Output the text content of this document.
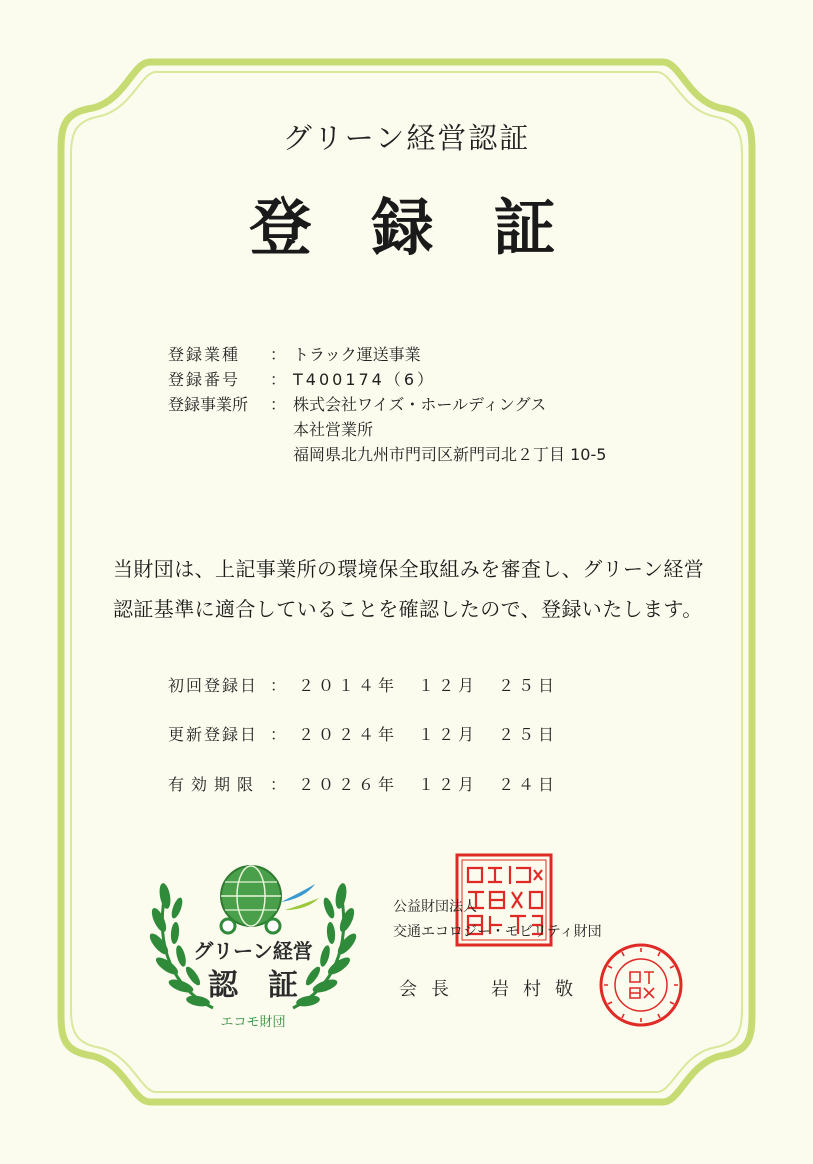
グリーン経営認証
登録証
登録業種 ： トラック運送事業
登録番号 ： T400174（6）
登録事業所 ： 株式会社ワイズ・ホールディングス
本社営業所
福岡県北九州市門司区新門司北２丁目 10-5
当財団は、上記事業所の環境保全取組みを審査し、グリーン経営
認証基準に適合していることを確認したので、登録いたします。
初回登録日 ： ２０１４年　１２月　２５日
更新登録日 ： ２０２４年　１２月　２５日
有効期限 ： ２０２６年　１２月　２４日
グリーン経営
認　証
エコモ財団
公益財団法人
交通エコロジー・モビリティ財団
会長 岩村敬
